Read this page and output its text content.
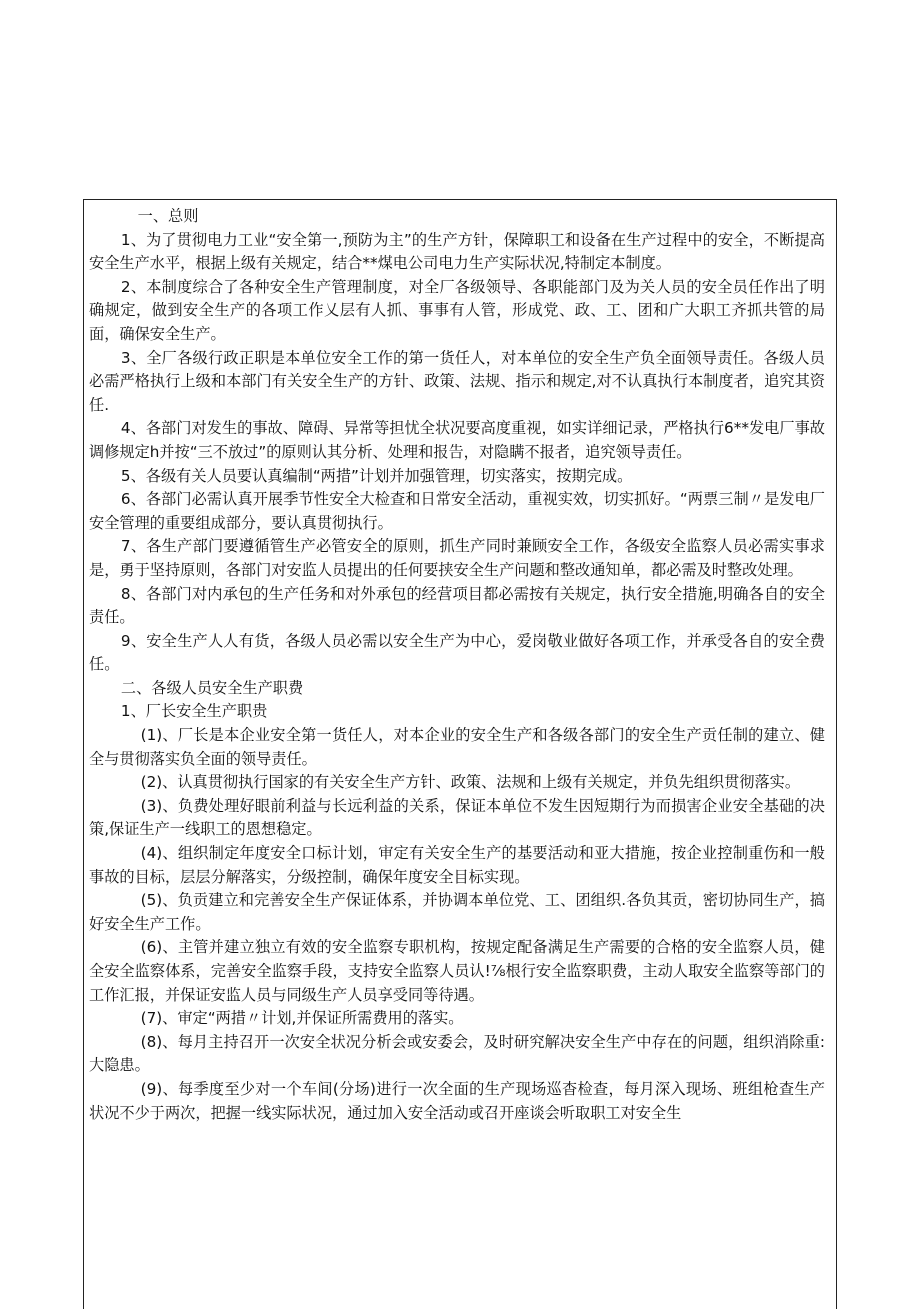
一、总则

1、为了贯彻电力工业“安全第一,预防为主”的生产方针，保障职工和设备在生产过程中的安全，不断提高安全生产水平，根据上级有关规定，结合**煤电公司电力生产实际状况,特制定本制度。

2、本制度综合了各种安全生产管理制度，对全厂各级领导、各职能部门及为关人员的安全员任作出了明确规定，做到安全生产的各项工作乂层有人抓、事事有人管，形成党、政、工、团和广大职工齐抓共管的局面，确保安全生产。

3、全厂各级行政正职是本单位安全工作的第一货任人，对本单位的安全生产负全面领导责任。各级人员必需严格执行上级和本部门有关安全生产的方针、政策、法规、指示和规定,对不认真执行本制度者，追究其资任.

4、各部门对发生的事故、障碍、异常等担忧全状况要高度重视，如实详细记录，严格执行6**发电厂事故调修规定h并按“三不放过”的原则认其分析、处理和报告，对隐瞒不报者，追究领导责任。

5、各级有关人员要认真编制“两措”计划并加强管理，切实落实，按期完成。

6、各部门必需认真开展季节性安全大检查和日常安全活动，重视实效，切实抓好。“两票三制〃是发电厂安全管理的重要组成部分，要认真贯彻执行。

7、各生产部门要遵循管生产必管安全的原则，抓生产同时兼顾安全工作，各级安全监察人员必需实事求是，勇于坚持原则，各部门对安监人员提出的任何要挟安全生产问题和整改通知单，都必需及时整改处理。

8、各部门对内承包的生产任务和对外承包的经营项目都必需按有关规定，执行安全措施,明确各自的安全责任。

9、安全生产人人有货，各级人员必需以安全生产为中心，爱岗敬业做好各项工作，并承受各自的安全费任。

二、各级人员安全生产职费

1、厂长安全生产职贵

(1)、厂长是本企业安全第一货任人，对本企业的安全生产和各级各部门的安全生产贡任制的建立、健全与贯彻落实负全面的领导责任。

(2)、认真贯彻执行国家的有关安全生产方针、政策、法规和上级有关规定，并负先组织贯彻落实。

(3)、负费处理好眼前利益与长远利益的关系，保证本单位不发生因短期行为而损害企业安全基础的决策,保证生产一线职工的恩想稳定。

(4)、组织制定年度安全口标计划，审定有关安全生产的基要活动和亚大措施，按企业控制重伤和一般事故的目标，层层分解落实，分级控制，确保年度安全目标实现。

(5)、负贡建立和完善安全生产保证体系，并协调本单位党、工、团组织.各负其贡，密切协同生产，搞好安全生产工作。

(6)、主管并建立独立有效的安全监察专职机构，按规定配备满足生产需要的合格的安全监察人员，健全安全监察体系，完善安全监察手段，支持安全监察人员认!⅞根行安全监察职费，主动人取安全监察等部门的工作汇报，并保证安监人员与同级生产人员享受同等待遇。

(7)、审定“两措〃计划,并保证所需费用的落实。

(8)、每月主持召开一次安全状况分析会或安委会，及时研究解决安全生产中存在的问题，组织消除重:大隐患。

(9)、每季度至少对一个车间(分场)进行一次全面的生产现场巡杳检查，每月深入现场、班组枪查生产状况不少于两次，把握一线实际状况，通过加入安全活动或召开座谈会听取职工对安全生
